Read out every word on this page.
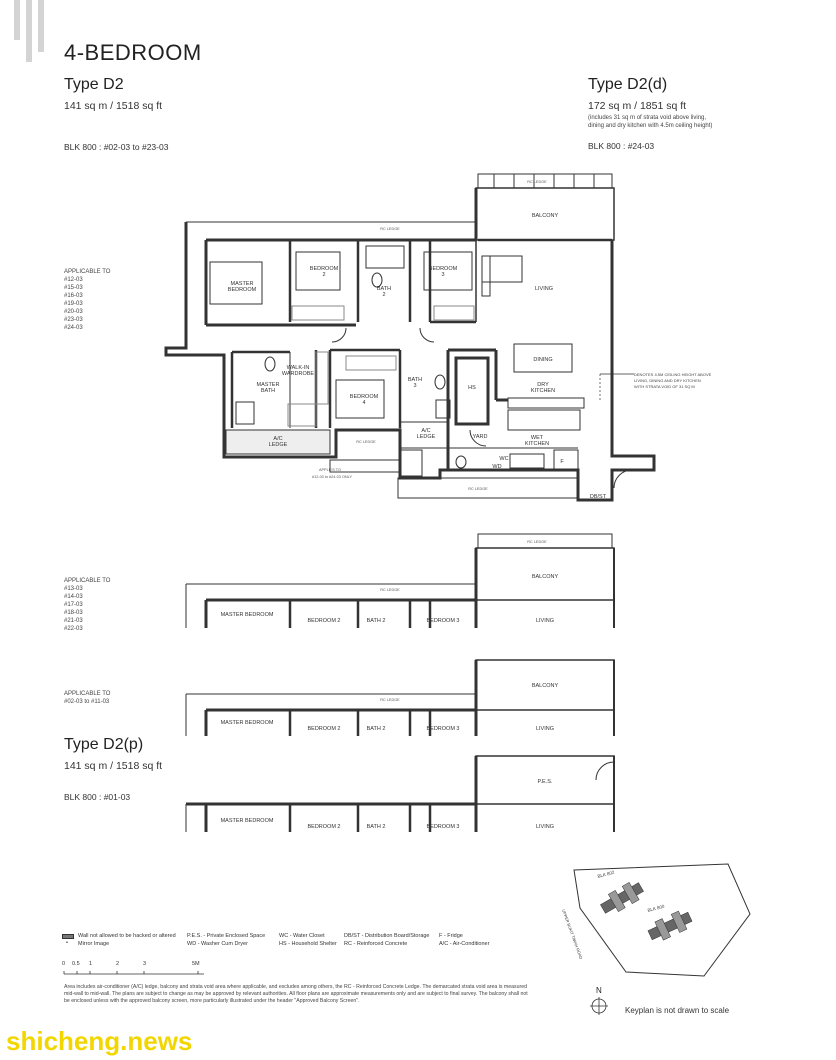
4-BEDROOM
Type D2
141 sq m / 1518 sq ft
BLK 800 : #02-03 to #23-03
Type D2(d)
172 sq m / 1851 sq ft
(includes 31 sq m of strata void above living,
dining and dry kitchen with 4.5m ceiling height)
BLK 800 : #24-03
APPLICABLE TO
#12-03
#15-03
#16-03
#19-03
#20-03
#23-03
#24-03
BALCONY
LIVING
DINING
DRY
KITCHEN
MASTER
BEDROOM
BEDROOM
2
BATH
2
BEDROOM
3
MASTER
BATH
WALK-IN
WARDROBE
BEDROOM
4
BATH
3	HS
YARD	WET
KITCHEN
A/C
LEDGE
A/C
LEDGE
DB/ST
WC
WD
F
RC LEDGE
RC LEDGE
RC LEDGE
RC LEDGE
APPLIES TO
#12-03 to #24-03 ONLY
DENOTES 4.5M CEILING HEIGHT ABOVE
LIVING, DINING AND DRY KITCHEN
WITH STRATA VOID OF 31 SQ M
APPLICABLE TO
#13-03
#14-03
#17-03
#18-03
#21-03
#22-03
APPLICABLE TO
#02-03 to #11-03
Type D2(p)
141 sq m / 1518 sq ft
BLK 800 : #01-03
BALCONY
LIVING
MASTER BEDROOM
BEDROOM 2	BATH 2	BEDROOM 3
BALCONY
LIVING
MASTER BEDROOM
BEDROOM 2	BATH 2	BEDROOM 3
P.E.S.
LIVING
MASTER BEDROOM
BEDROOM 2	BATH 2	BEDROOM 3
RC LEDGE
RC LEDGE
RC LEDGE
Wall not allowed to be hacked or altered
• Mirror Image
P.E.S. - Private Enclosed Space
WD - Washer Cum Dryer
WC - Water Closet
HS - Household Shelter
DB/ST - Distribution Board/Storage
RC - Reinforced Concrete
F - Fridge
A/C - Air-Conditioner
0 0.5 1	2	3	5M
Area includes air-conditioner (A/C) ledge, balcony and strata void area where applicable, and excludes among others, the RC - Reinforced Concrete Ledge. The demarcated strata void area is measured mid-wall to mid-wall. The plans are subject to change as may be approved by relevant authorities. All floor plans are approximate measurements only and are subject to final survey. The balcony shall not be enclosed unless with the approved balcony screen, more particularly illustrated under the header "Approved Balcony Screen".
BLK 802
BLK 800
UPPER BUKIT TIMAH ROAD
N
Keyplan is not drawn to scale
shicheng.news
